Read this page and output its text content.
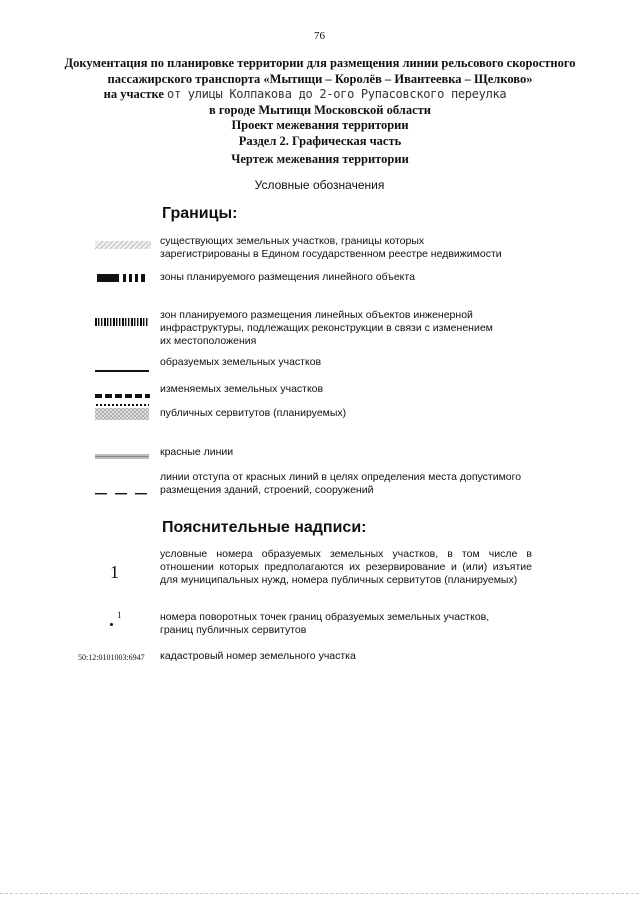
76
Документация по планировке территории для размещения линии рельсового скоростного
пассажирского транспорта «Мытищи – Королёв – Ивантеевка – Щелково»
на участке от улицы Колпакова до 2-ого Рупасовского переулка
в городе Мытищи Московской области
Проект межевания территории
Раздел 2. Графическая часть
Чертеж межевания территории
Условные обозначения
Границы:
существующих земельных участков, границы которых
зарегистрированы в Едином государственном реестре недвижимости
зоны планируемого размещения линейного объекта
зон планируемого размещения линейных объектов инженерной
инфраструктуры, подлежащих реконструкции в связи с изменением
их местоположения
образуемых земельных участков
изменяемых земельных участков
публичных сервитутов (планируемых)
красные линии
линии отступа от красных линий в целях определения места допустимого
размещения зданий, строений, сооружений
Пояснительные надписи:
1
условные номера образуемых земельных участков, в том числе в отношении которых предполагаются их резервирование и (или) изъятие для муниципальных нужд, номера публичных сервитутов (планируемых)
1	номера поворотных точек границ образуемых земельных участков,
границ публичных сервитутов
50:12:0101003:6947 кадастровый номер земельного участка
